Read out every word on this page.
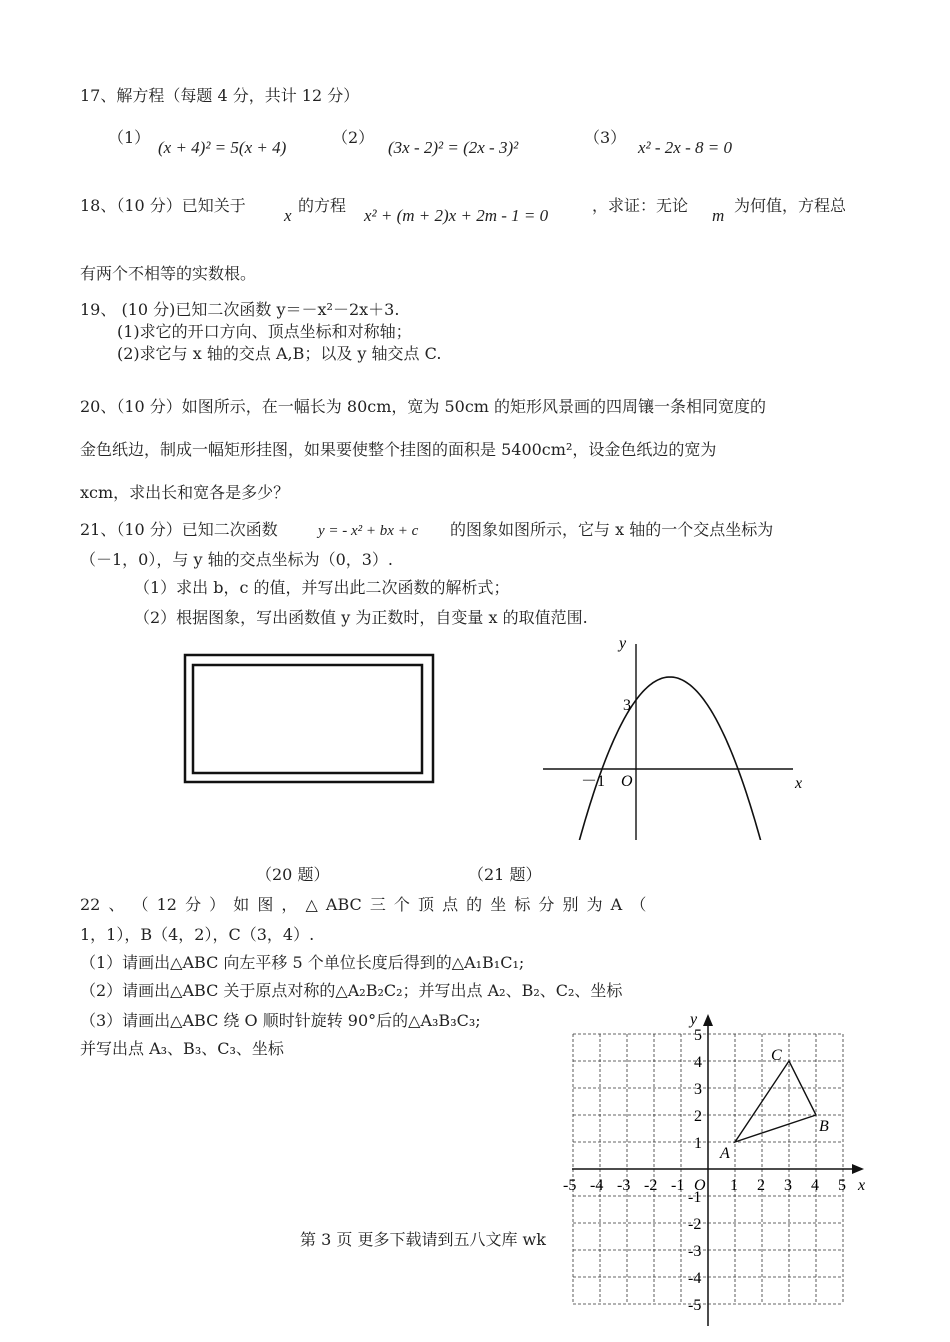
17、解方程（每题 4 分，共计 12 分）
（1）
(x + 4)² = 5(x + 4)
（2）
(3x - 2)² = (2x - 3)²
（3）
x² - 2x - 8 = 0
18、（10 分）已知关于
x
的方程
x² + (m + 2)x + 2m - 1 = 0
，求证：无论
m
为何值，方程总
有两个不相等的实数根。
19、 (10 分)已知二次函数 y＝－x²－2x＋3.
(1)求它的开口方向、顶点坐标和对称轴；
(2)求它与 x 轴的交点 A,B；以及 y 轴交点 C.
20、（10 分）如图所示，在一幅长为 80cm，宽为 50cm 的矩形风景画的四周镶一条相同宽度的
金色纸边，制成一幅矩形挂图，如果要使整个挂图的面积是 5400cm²，设金色纸边的宽为
xcm，求出长和宽各是多少？
21、（10 分）已知二次函数	y = - x² + bx + c 的图象如图所示，它与 x 轴的一个交点坐标为
（－1，0），与 y 轴的交点坐标为（0，3）.
（1）求出 b，c 的值，并写出此二次函数的解析式；
（2）根据图象，写出函数值 y 为正数时，自变量 x 的取值范围.
y
x
3
－1 O
（20 题）	（21 题）
22 、 （ 12 分 ） 如 图 ， △ ABC 三 个 顶 点 的 坐 标 分 别 为 A （
1，1），B（4，2），C（3，4）.
（1）请画出△ABC 向左平移 5 个单位长度后得到的△A₁B₁C₁;
（2）请画出△ABC 关于原点对称的△A₂B₂C₂；并写出点 A₂、B₂、C₂、坐标
（3）请画出△ABC 绕 O 顺时针旋转 90°后的△A₃B₃C₃;
并写出点 A₃、B₃、C₃、坐标
y
x
O
-5 -4 -3 -2 -1	1 2 3 4 5
5
4
3
2
1
-1
-2
-3
-4
-5
A
B
C
第 3 页 更多下载请到五八文库 wk
